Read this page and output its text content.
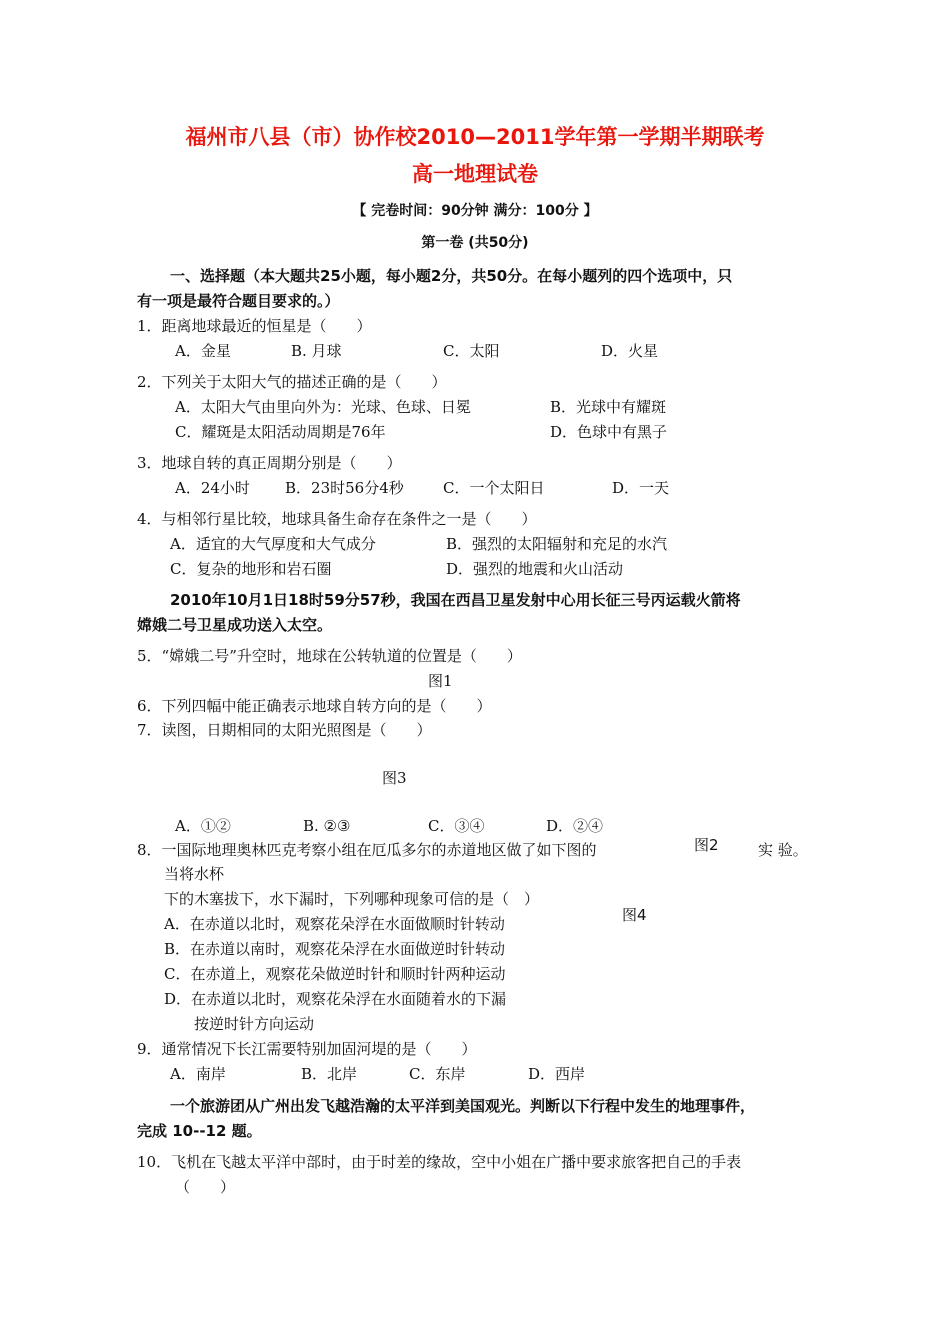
福州市八县（市）协作校2010—2011学年第一学期半期联考
高一地理试卷
【 完卷时间：90分钟 满分：100分 】
第一卷 (共50分)
一、选择题（本大题共25小题，每小题2分，共50分。在每小题列的四个选项中，只
有一项是最符合题目要求的。）
1．距离地球最近的恒星是（　　）
A．金星	B. 月球	C．太阳	D．火星
2．下列关于太阳大气的描述正确的是（　　）
A．太阳大气由里向外为：光球、色球、日冕	B．光球中有耀斑
C．耀斑是太阳活动周期是76年	D．色球中有黑子
3．地球自转的真正周期分别是（　　）
A．24小时 B．23时56分4秒	C．一个太阳日	D．一天
4．与相邻行星比较，地球具备生命存在条件之一是（　　）
A．适宜的大气厚度和大气成分	B．强烈的太阳辐射和充足的水汽
C．复杂的地形和岩石圈	D．强烈的地震和火山活动
2010年10月1日18时59分57秒，我国在西昌卫星发射中心用长征三号丙运载火箭将
嫦娥二号卫星成功送入太空。
5．“嫦娥二号”升空时，地球在公转轨道的位置是（　　）
图1
6．下列四幅中能正确表示地球自转方向的是（　　）
7．读图，日期相同的太阳光照图是（　　）
图3
A．①②	B. ②③	C．③④	D．②④
8．一国际地理奥林匹克考察小组在厄瓜多尔的赤道地区做了如下图的	图2	实 验。
当将水杯
下的木塞拔下，水下漏时，下列哪种现象可信的是（　）
A．在赤道以北时，观察花朵浮在水面做顺时针转动	图4
B．在赤道以南时，观察花朵浮在水面做逆时针转动
C．在赤道上，观察花朵做逆时针和顺时针两种运动
D．在赤道以北时，观察花朵浮在水面随着水的下漏
按逆时针方向运动
9．通常情况下长江需要特别加固河堤的是（　　）
A．南岸	B．北岸	C．东岸	D．西岸
一个旅游团从广州出发飞越浩瀚的太平洋到美国观光。判断以下行程中发生的地理事件，
完成 10--12 题。
10．飞机在飞越太平洋中部时，由于时差的缘故，空中小姐在广播中要求旅客把自己的手表
（　　）
